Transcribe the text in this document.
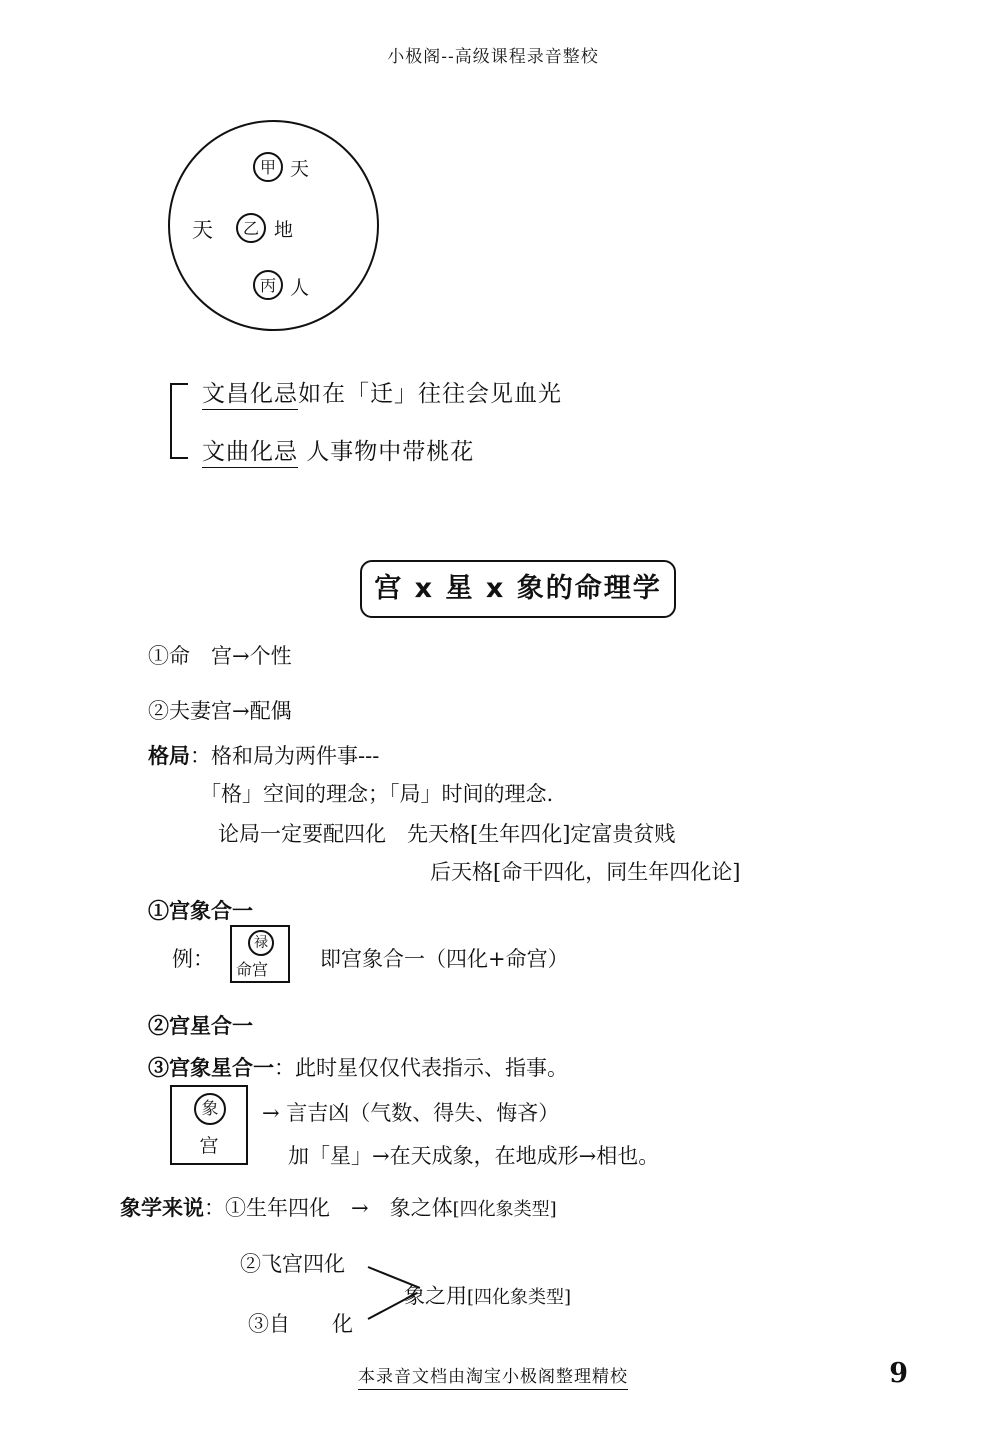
小极阁--高级课程录音整校
甲 天
乙 地
丙 人
天
文昌化忌如在「迁」往往会见血光
文曲化忌 人事物中带桃花
宫 x 星 x 象的命理学
①命　宫→个性
②夫妻宫→配偶
格局：格和局为两件事---
「格」空间的理念；「局」时间的理念.
论局一定要配四化　先天格[生年四化]定富贵贫贱
后天格[命干四化，同生年四化论]
①宫象合一
例：
禄
命宫 即宫象合一（四化+命宫）
②宫星合一
③宫象星合一：此时星仅仅代表指示、指事。
象
宫
→ 言吉凶（气数、得失、悔吝）
加「星」→在天成象，在地成形→相也。
象学来说：①生年四化　→　象之体[四化象类型]
②飞宫四化
象之用[四化象类型]
③自　　化
本录音文档由淘宝小极阁整理精校	9
